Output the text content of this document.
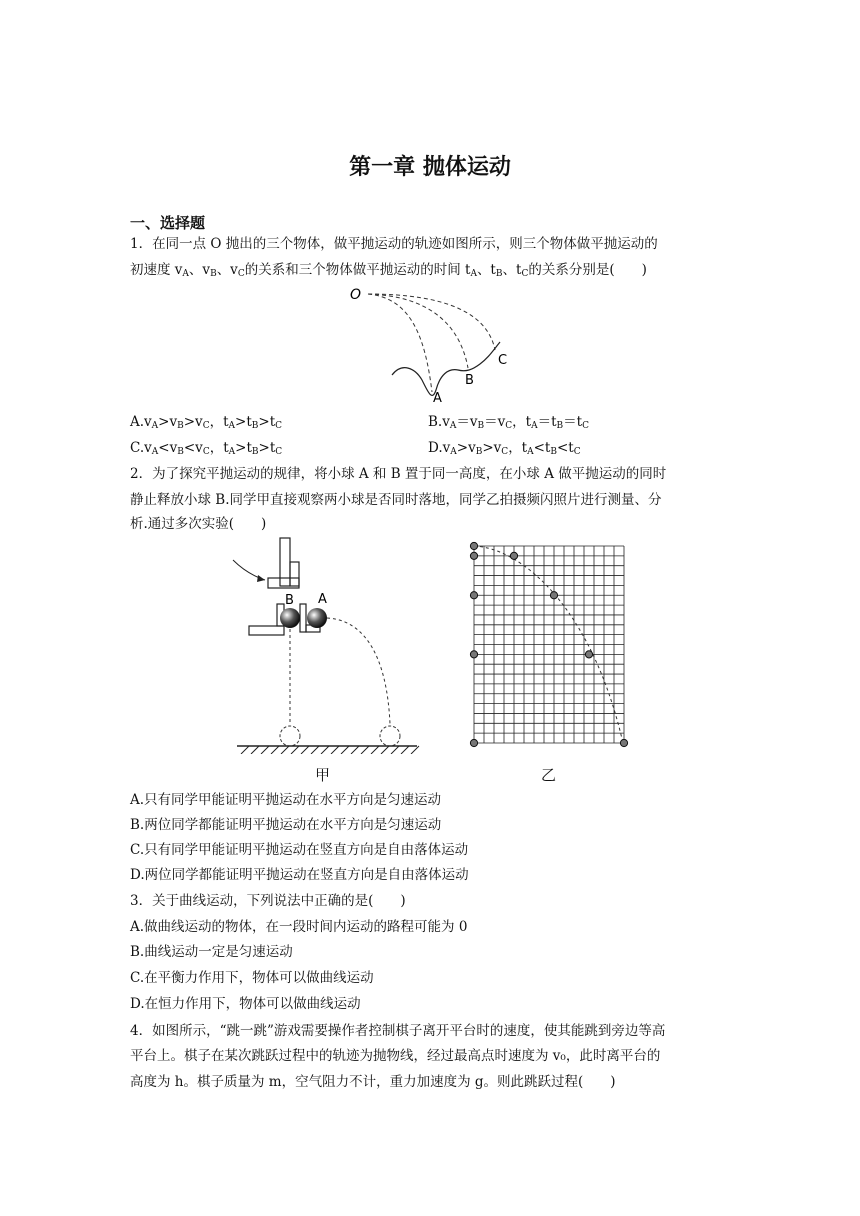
第一章 抛体运动
一、选择题
1．在同一点 O 抛出的三个物体，做平抛运动的轨迹如图所示，则三个物体做平抛运动的
初速度 $v_A$、$v_B$、$v_C$的关系和三个物体做平抛运动的时间 $t_A$、$t_B$、$t_C$的关系分别是(　　)
O
A
B
C
$A.v_A>v_B>v_C$，$t_A>t_B>t_C$	$B.v_A=v_B=v_C$，$t_A=t_B=t_C$
$C.v_A<v_B<v_C$，$t_A>t_B>t_C$	$D.v_A>v_B>v_C$，$t_A<t_B<t_C$
2．为了探究平抛运动的规律，将小球 A 和 B 置于同一高度，在小球 A 做平抛运动的同时
静止释放小球 B.同学甲直接观察两小球是否同时落地，同学乙拍摄频闪照片进行测量、分
析.通过多次实验(　　)
B A
甲	乙
A.只有同学甲能证明平抛运动在水平方向是匀速运动
B.两位同学都能证明平抛运动在水平方向是匀速运动
C.只有同学甲能证明平抛运动在竖直方向是自由落体运动
D.两位同学都能证明平抛运动在竖直方向是自由落体运动
3．关于曲线运动，下列说法中正确的是(　　)
A.做曲线运动的物体，在一段时间内运动的路程可能为 0
B.曲线运动一定是匀速运动
C.在平衡力作用下，物体可以做曲线运动
D.在恒力作用下，物体可以做曲线运动
4．如图所示，“跳一跳”游戏需要操作者控制棋子离开平台时的速度，使其能跳到旁边等高
平台上。棋子在某次跳跃过程中的轨迹为抛物线，经过最高点时速度为 v₀，此时离平台的
高度为 h。棋子质量为 m，空气阻力不计，重力加速度为 g。则此跳跃过程(　　)
